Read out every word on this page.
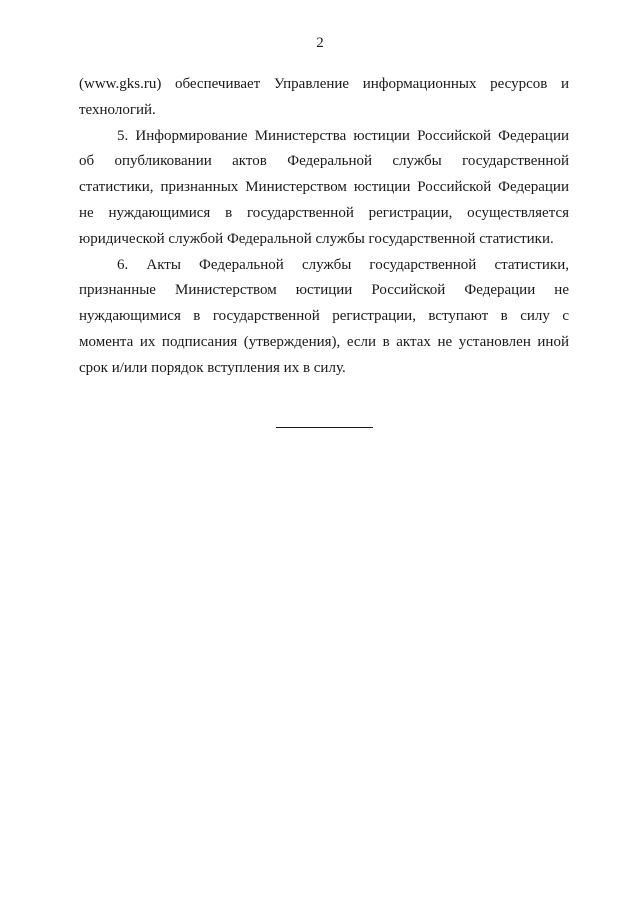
2

(www.gks.ru) обеспечивает Управление информационных ресурсов и
технологий.

5. Информирование Министерства юстиции Российской Федерации
об опубликовании актов Федеральной службы государственной
статистики, признанных Министерством юстиции Российской Федерации
не нуждающимися в государственной регистрации, осуществляется
юридической службой Федеральной службы государственной статистики.

6. Акты Федеральной службы государственной статистики,
признанные Министерством юстиции Российской Федерации не
нуждающимися в государственной регистрации, вступают в силу с
момента их подписания (утверждения), если в актах не установлен иной
срок и/или порядок вступления их в силу.
